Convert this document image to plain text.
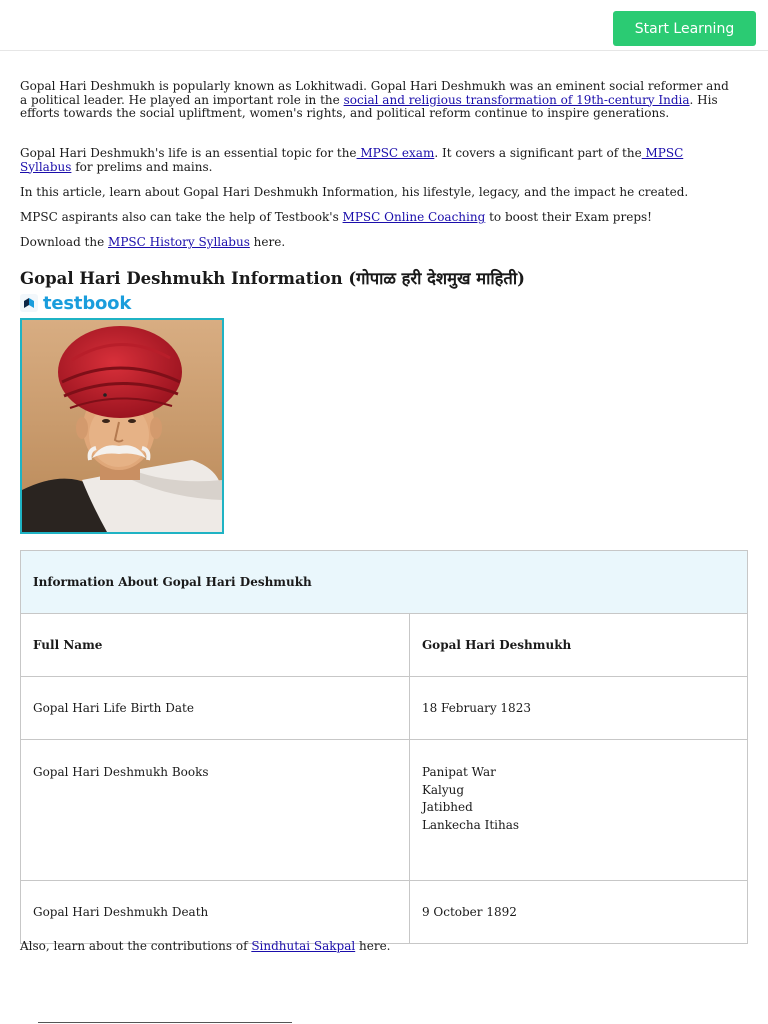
Start Learning

Gopal Hari Deshmukh is popularly known as Lokhitwadi. Gopal Hari Deshmukh was an eminent social reformer and a political leader. He played an important role in the social and religious transformation of 19th-century India. His efforts towards the social upliftment, women's rights, and political reform continue to inspire generations.

Gopal Hari Deshmukh's life is an essential topic for the MPSC exam. It covers a significant part of the MPSC Syllabus for prelims and mains.

In this article, learn about Gopal Hari Deshmukh Information, his lifestyle, legacy, and the impact he created.

MPSC aspirants also can take the help of Testbook's MPSC Online Coaching to boost their Exam preps!

Download the MPSC History Syllabus here.

Gopal Hari Deshmukh Information (गोपाळ हरी देशमुख माहिती)
testbook
Information About Gopal Hari Deshmukh	
Full Name	Gopal Hari Deshmukh
Gopal Hari Life Birth Date	18 February 1823
Gopal Hari Deshmukh Books	Panipat War
Kalyug
Jatibhed
Lankecha Itihas

Gopal Hari Deshmukh Death	9 October 1892

Also, learn about the contributions of Sindhutai Sakpal here.
